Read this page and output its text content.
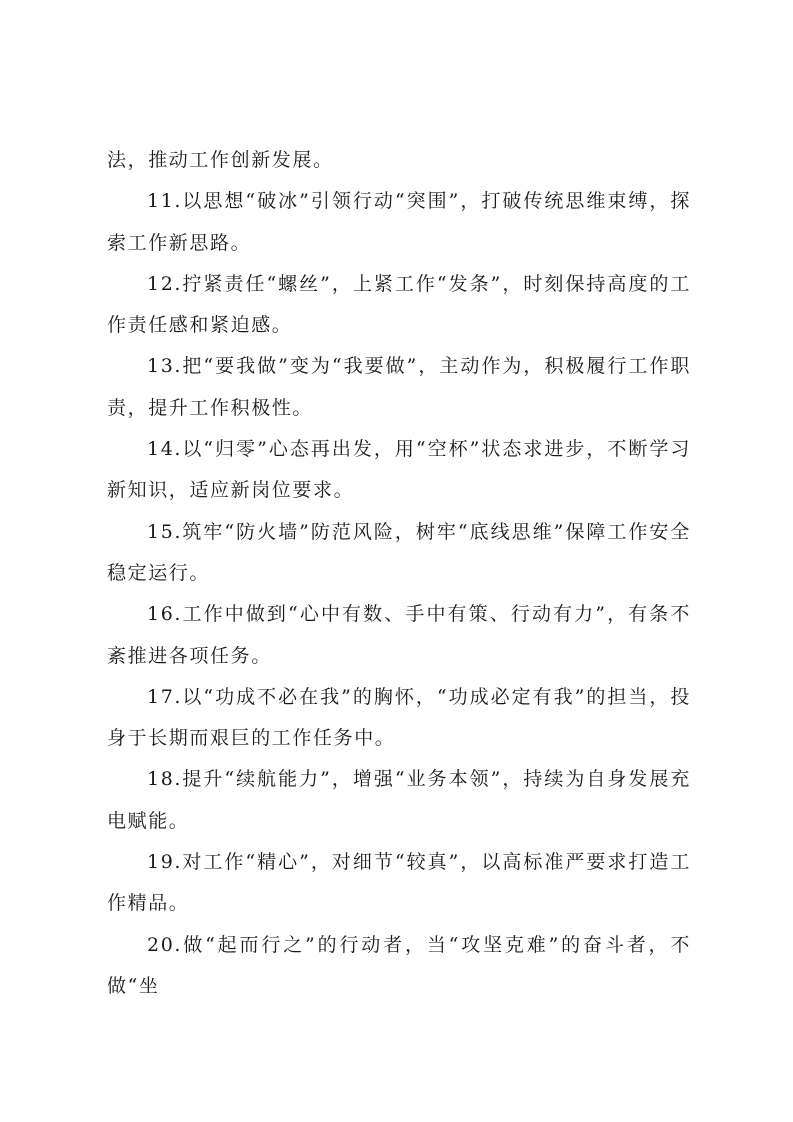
法，推动工作创新发展。

11.以思想“破冰”引领行动“突围”，打破传统思维束缚，探索工作新思路。

12.拧紧责任“螺丝”，上紧工作“发条”，时刻保持高度的工作责任感和紧迫感。

13.把“要我做”变为“我要做”，主动作为，积极履行工作职责，提升工作积极性。

14.以“归零”心态再出发，用“空杯”状态求进步，不断学习新知识，适应新岗位要求。

15.筑牢“防火墙”防范风险，树牢“底线思维”保障工作安全稳定运行。

16.工作中做到“心中有数、手中有策、行动有力”，有条不紊推进各项任务。

17.以“功成不必在我”的胸怀，“功成必定有我”的担当，投身于长期而艰巨的工作任务中。

18.提升“续航能力”，增强“业务本领”，持续为自身发展充电赋能。

19.对工作“精心”，对细节“较真”，以高标准严要求打造工作精品。

20.做“起而行之”的行动者，当“攻坚克难”的奋斗者，不做“坐
